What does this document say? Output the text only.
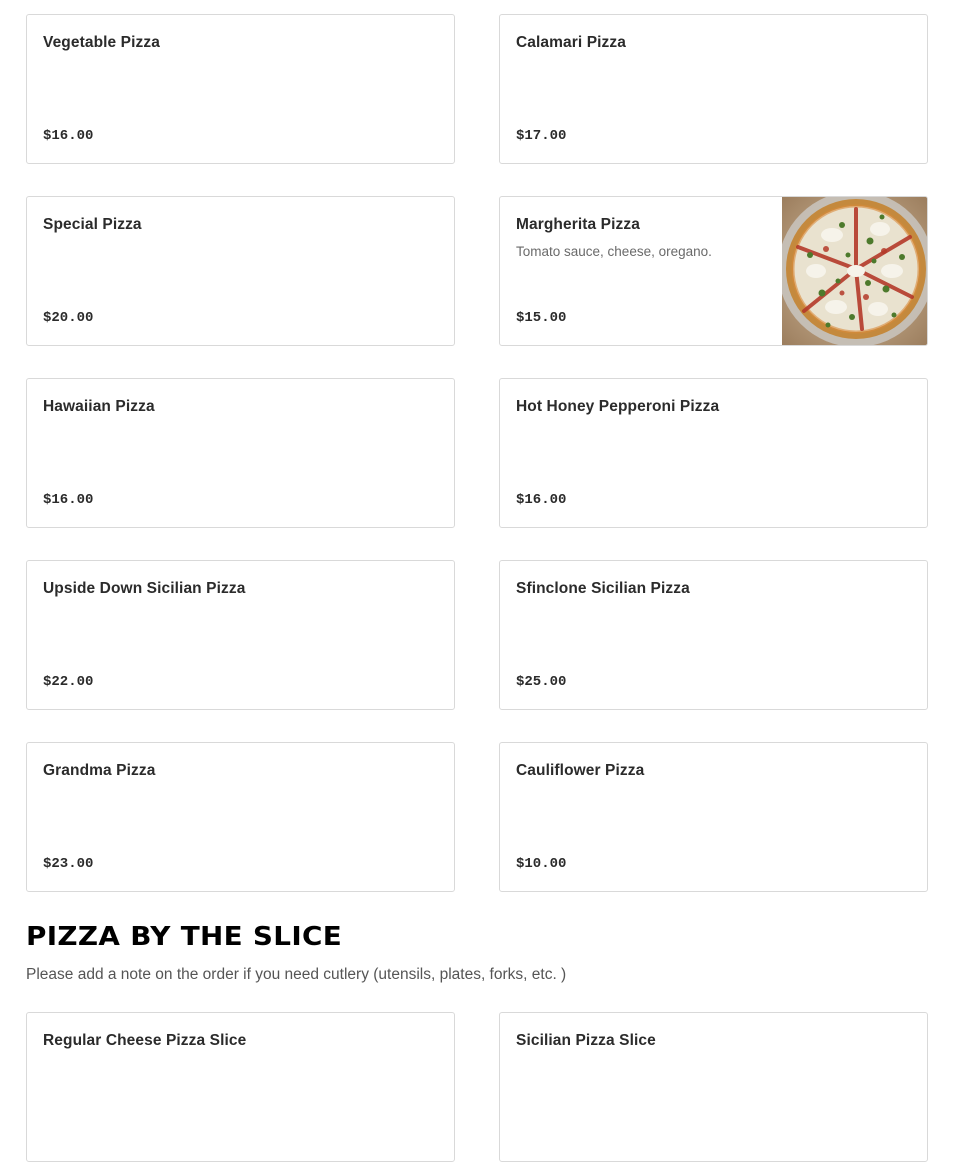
Vegetable Pizza
$16.00
Calamari Pizza
$17.00
Special Pizza
$20.00
Margherita Pizza
Tomato sauce, cheese, oregano.
$15.00
Hawaiian Pizza
$16.00
Hot Honey Pepperoni Pizza
$16.00
Upside Down Sicilian Pizza
$22.00
Sfinclone Sicilian Pizza
$25.00
Grandma Pizza
$23.00
Cauliflower Pizza
$10.00
PIZZA BY THE SLICE

Please add a note on the order if you need cutlery (utensils, plates, forks, etc. )

Regular Cheese Pizza Slice	Sicilian Pizza Slice
